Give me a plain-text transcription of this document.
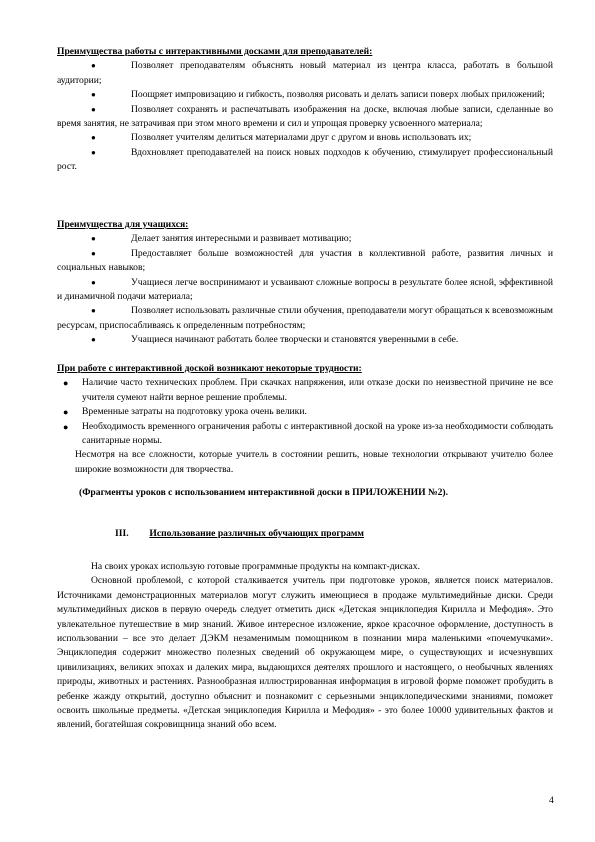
Преимущества работы с интерактивными досками для преподавателей:
●	Позволяет преподавателям объяснять новый материал из центра класса, работать в большой аудитории;
●	Поощряет импровизацию и гибкость, позволяя рисовать и делать записи поверх любых приложений;
●	Позволяет сохранять и распечатывать изображения на доске, включая любые записи, сделанные во время занятия, не затрачивая при этом много времени и сил и упрощая проверку усвоенного материала;
●	Позволяет учителям делиться материалами друг с другом и вновь использовать их;
●	Вдохновляет преподавателей на поиск новых подходов к обучению, стимулирует профессиональный рост.
Преимущества для учащихся:
●	Делает занятия интересными и развивает мотивацию;
●	Предоставляет больше возможностей для участия в коллективной работе, развития личных и социальных навыков;
●	Учащиеся легче воспринимают и усваивают сложные вопросы в результате более ясной, эффективной и динамичной подачи материала;
●	Позволяет использовать различные стили обучения, преподаватели могут обращаться к всевозможным ресурсам, приспосабливаясь к определенным потребностям;
●	Учащиеся начинают работать более творчески и становятся уверенными в себе.
При работе с интерактивной доской возникают некоторые трудности:
● Наличие часто технических проблем. При скачках напряжения, или отказе доски по неизвестной причине не все учителя сумеют найти верное решение проблемы.
● Временные затраты на подготовку урока очень велики.
● Необходимость временного ограничения работы с интерактивной доской на уроке из-за необходимости соблюдать санитарные нормы.
Несмотря на все сложности, которые учитель в состоянии решить, новые технологии открывают учителю более широкие возможности для творчества.
(Фрагменты уроков с использованием интерактивной доски в ПРИЛОЖЕНИИ №2).
III. Использование различных обучающих программ
На своих уроках использую готовые программные продукты на компакт-дисках.
Основной проблемой, с которой сталкивается учитель при подготовке уроков, является поиск материалов. Источниками демонстрационных материалов могут служить имеющиеся в продаже мультимедийные диски. Среди мультимедийных дисков в первую очередь следует отметить диск «Детская энциклопедия Кирилла и Мефодия». Это увлекательное путешествие в мир знаний. Живое интересное изложение, яркое красочное оформление, доступность в использовании – все это делает ДЭКМ незаменимым помощником в познании мира маленькими «почемучками». Энциклопедия содержит множество полезных сведений об окружающем мире, о существующих и исчезнувших цивилизациях, великих эпохах и далеких мира, выдающихся деятелях прошлого и настоящего, о необычных явлениях природы, животных и растениях. Разнообразная иллюстрированная информация в игровой форме поможет пробудить в ребенке жажду открытий, доступно объяснит и познакомит с серьезными энциклопедическими знаниями, поможет освоить школьные предметы. «Детская энциклопедия Кирилла и Мефодия» - это более 10000 удивительных фактов и явлений, богатейшая сокровищница знаний обо всем.
4
